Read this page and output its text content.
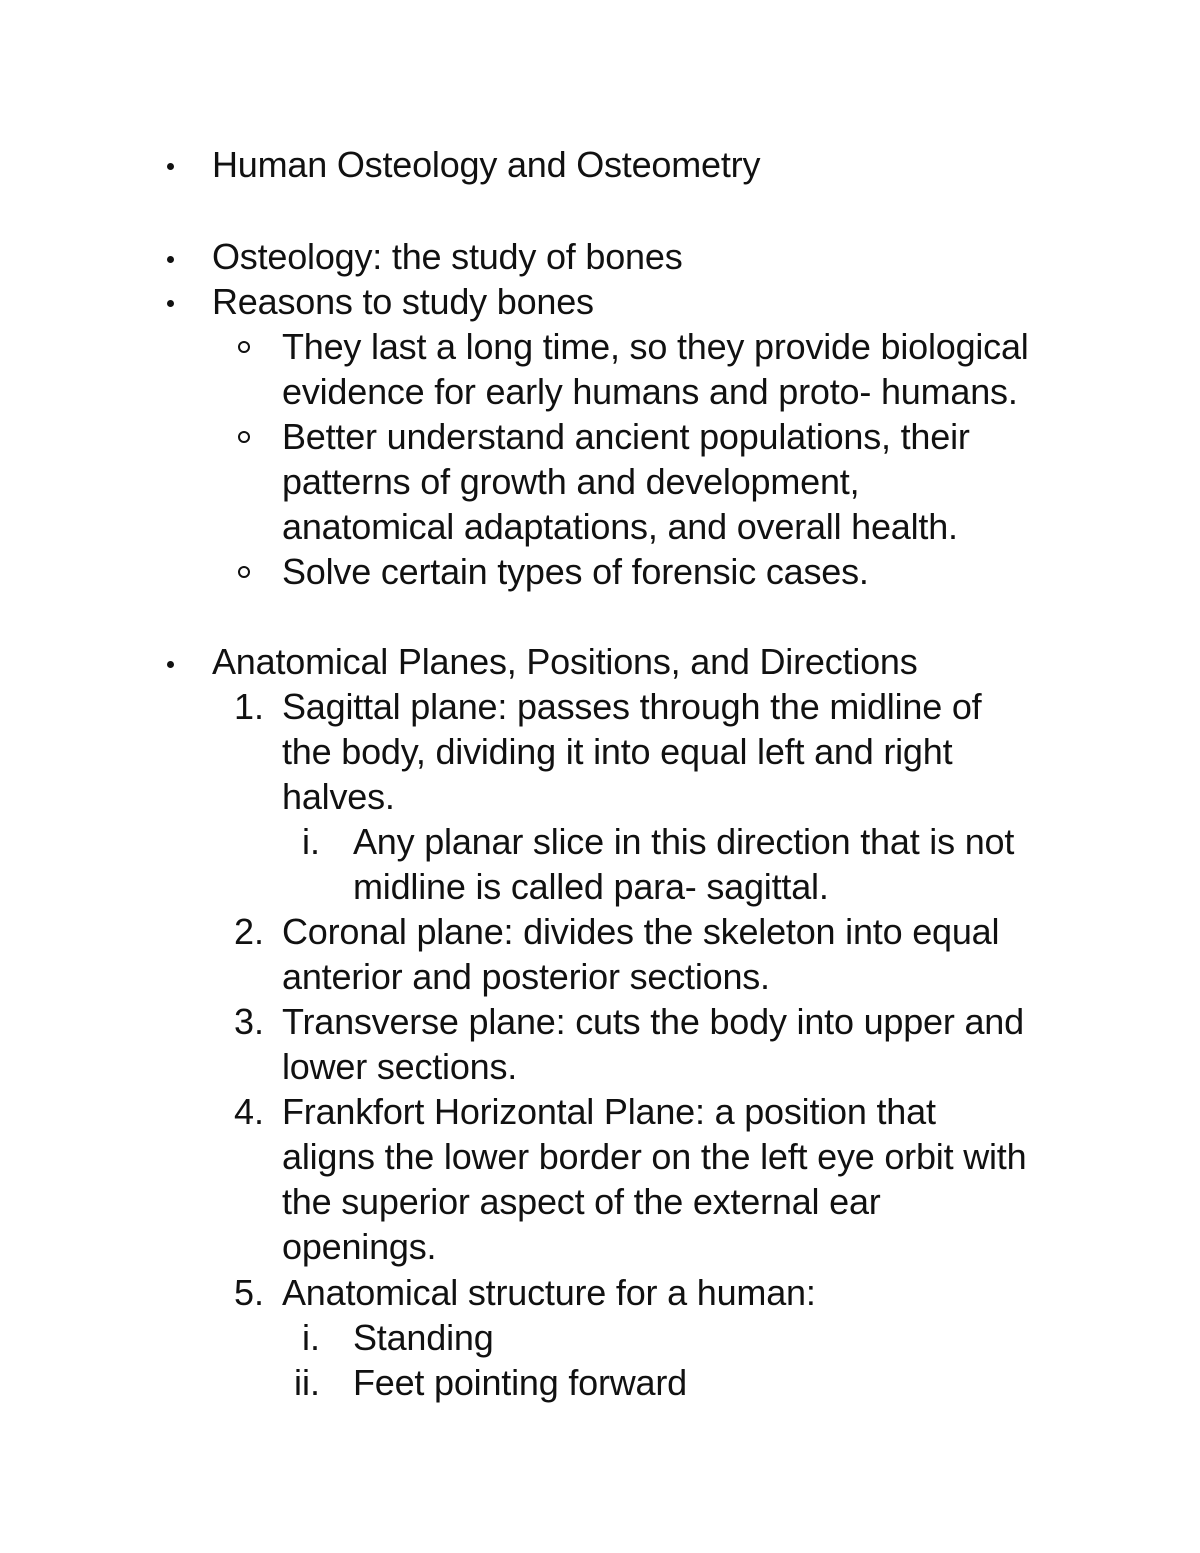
Human Osteology and Osteometry
Osteology: the study of bones
Reasons to study bones
They last a long time, so they provide biological
evidence for early humans and proto- humans.
Better understand ancient populations, their
patterns of growth and development,
anatomical adaptations, and overall health.
Solve certain types of forensic cases.
Anatomical Planes, Positions, and Directions
1. Sagittal plane: passes through the midline of
the body, dividing it into equal left and right
halves.
i. Any planar slice in this direction that is not
midline is called para- sagittal.
2. Coronal plane: divides the skeleton into equal
anterior and posterior sections.
3. Transverse plane: cuts the body into upper and
lower sections.
4. Frankfort Horizontal Plane: a position that
aligns the lower border on the left eye orbit with
the superior aspect of the external ear
openings.
5. Anatomical structure for a human:
i. Standing
ii. Feet pointing forward
